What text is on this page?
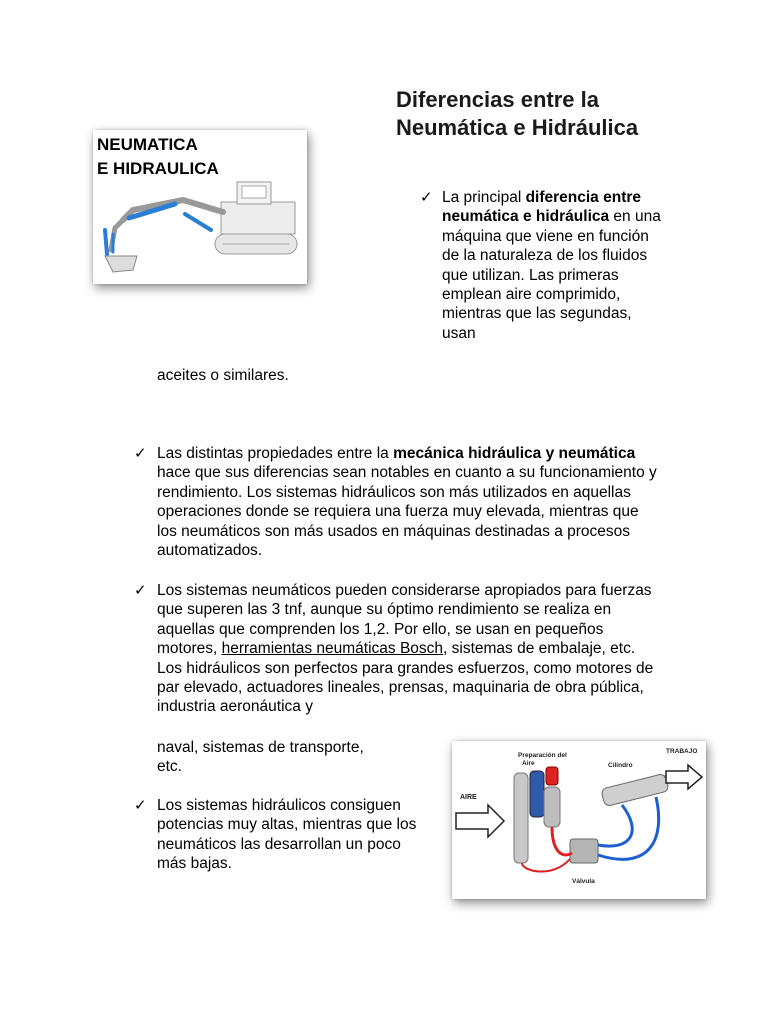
Diferencias entre la Neumática e Hidráulica
NEUMATICA
E HIDRAULICA
✓ La principal diferencia entre neumática e hidráulica en una máquina que viene en función de la naturaleza de los fluidos que utilizan. Las primeras emplean aire comprimido, mientras que las segundas, usan
aceites o similares.
✓ Las distintas propiedades entre la mecánica hidráulica y neumática hace que sus diferencias sean notables en cuanto a su funcionamiento y rendimiento. Los sistemas hidráulicos son más utilizados en aquellas operaciones donde se requiera una fuerza muy elevada, mientras que los neumáticos son más usados en máquinas destinadas a procesos automatizados.
✓ Los sistemas neumáticos pueden considerarse apropiados para fuerzas que superen las 3 tnf, aunque su óptimo rendimiento se realiza en aquellas que comprenden los 1,2. Por ello, se usan en pequeños motores, herramientas neumáticas Bosch, sistemas de embalaje, etc. Los hidráulicos son perfectos para grandes esfuerzos, como motores de par elevado, actuadores lineales, prensas, maquinaria de obra pública, industria aeronáutica y
naval, sistemas de transporte,
etc.
✓ Los sistemas hidráulicos consiguen potencias muy altas, mientras que los neumáticos las desarrollan un poco más bajas.
AIRE
Preparación del
Aire	Cilindro
TRABAJO
Válvula
